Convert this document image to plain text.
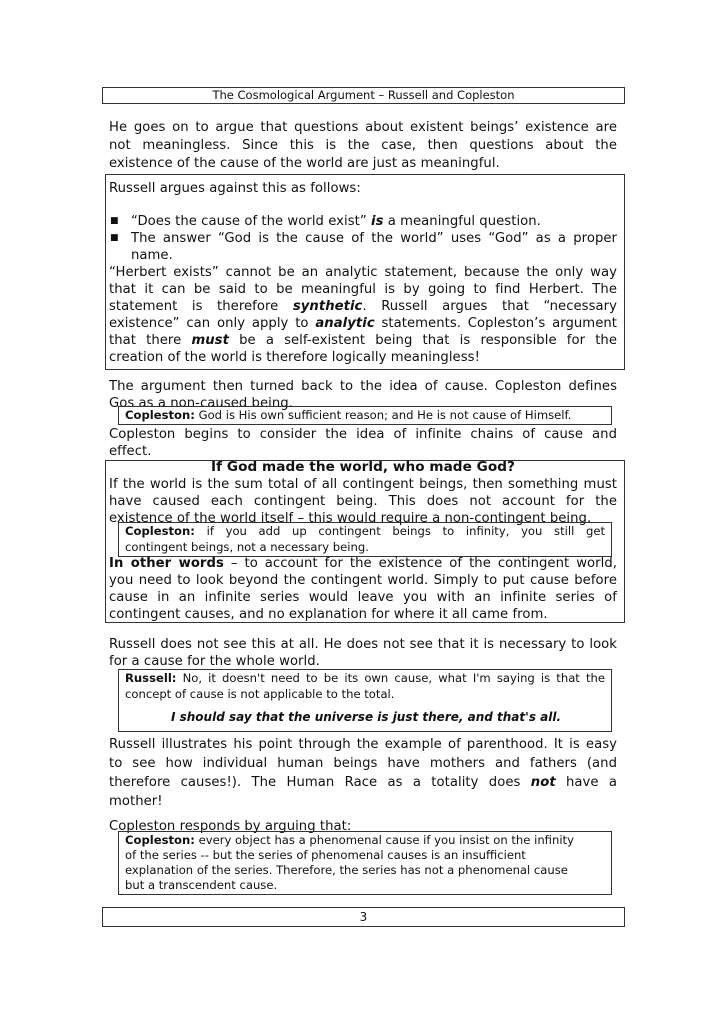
The Cosmological Argument – Russell and Copleston
He goes on to argue that questions about existent beings’ existence are
not meaningless. Since this is the case, then questions about the
existence of the cause of the world are just as meaningful.
Russell argues against this as follows:
■ “Does the cause of the world exist” is a meaningful question.
■ The answer “God is the cause of the world” uses “God” as a proper
name.
“Herbert exists” cannot be an analytic statement, because the only way
that it can be said to be meaningful is by going to find Herbert. The
statement is therefore synthetic. Russell argues that “necessary
existence” can only apply to analytic statements. Copleston’s argument
that there must be a self-existent being that is responsible for the
creation of the world is therefore logically meaningless!
The argument then turned back to the idea of cause. Copleston defines
Gos as a non-caused being.
Copleston: God is His own sufficient reason; and He is not cause of Himself.
Copleston begins to consider the idea of infinite chains of cause and
effect.
If God made the world, who made God?
If the world is the sum total of all contingent beings, then something must
have caused each contingent being. This does not account for the
existence of the world itself – this would require a non-contingent being.
Copleston: if you add up contingent beings to infinity, you still get
contingent beings, not a necessary being.
In other words – to account for the existence of the contingent world,
you need to look beyond the contingent world. Simply to put cause before
cause in an infinite series would leave you with an infinite series of
contingent causes, and no explanation for where it all came from.
Russell does not see this at all. He does not see that it is necessary to look
for a cause for the whole world.
Russell: No, it doesn't need to be its own cause, what I'm saying is that the
concept of cause is not applicable to the total.
I should say that the universe is just there, and that's all.
Russell illustrates his point through the example of parenthood. It is easy
to see how individual human beings have mothers and fathers (and
therefore causes!). The Human Race as a totality does not have a
mother!
Copleston responds by arguing that:
Copleston: every object has a phenomenal cause if you insist on the infinity
of the series -- but the series of phenomenal causes is an insufficient
explanation of the series. Therefore, the series has not a phenomenal cause
but a transcendent cause.
3
